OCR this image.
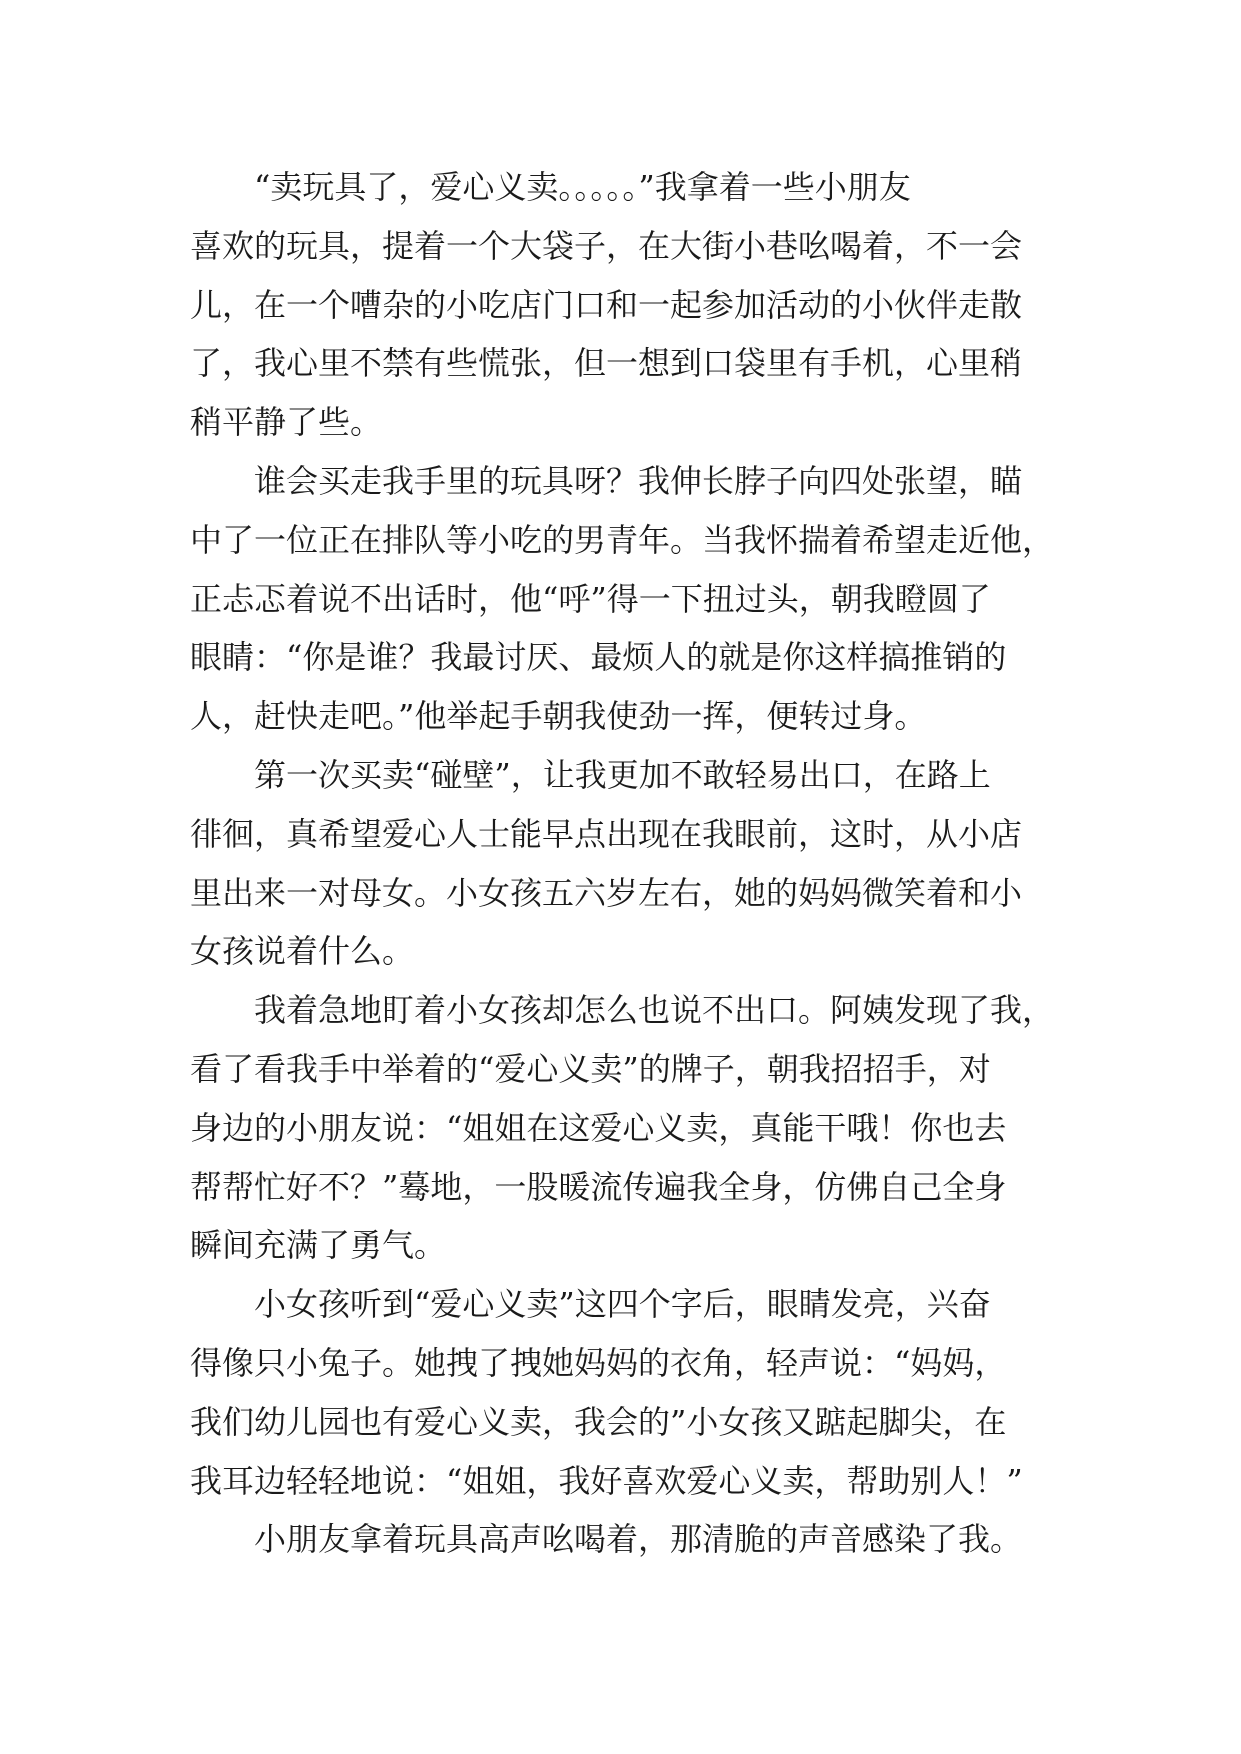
“卖玩具了，爱心义卖。。。。。”我拿着一些小朋友
喜欢的玩具，提着一个大袋子，在大街小巷吆喝着，不一会
儿，在一个嘈杂的小吃店门口和一起参加活动的小伙伴走散
了，我心里不禁有些慌张，但一想到口袋里有手机，心里稍
稍平静了些。
谁会买走我手里的玩具呀？我伸长脖子向四处张望，瞄
中了一位正在排队等小吃的男青年。当我怀揣着希望走近他，
正忐忑着说不出话时，他“呼”得一下扭过头，朝我瞪圆了
眼睛：“你是谁？我最讨厌、最烦人的就是你这样搞推销的
人，赶快走吧。”他举起手朝我使劲一挥，便转过身。
第一次买卖“碰壁”，让我更加不敢轻易出口，在路上
徘徊，真希望爱心人士能早点出现在我眼前，这时，从小店
里出来一对母女。小女孩五六岁左右，她的妈妈微笑着和小
女孩说着什么。
我着急地盯着小女孩却怎么也说不出口。阿姨发现了我，
看了看我手中举着的“爱心义卖”的牌子，朝我招招手，对
身边的小朋友说：“姐姐在这爱心义卖，真能干哦！你也去
帮帮忙好不？”蓦地，一股暖流传遍我全身，仿佛自己全身
瞬间充满了勇气。
小女孩听到“爱心义卖”这四个字后，眼睛发亮，兴奋
得像只小兔子。她拽了拽她妈妈的衣角，轻声说：“妈妈，
我们幼儿园也有爱心义卖，我会的”小女孩又踮起脚尖，在
我耳边轻轻地说：“姐姐，我好喜欢爱心义卖，帮助别人！”
小朋友拿着玩具高声吆喝着，那清脆的声音感染了我。
